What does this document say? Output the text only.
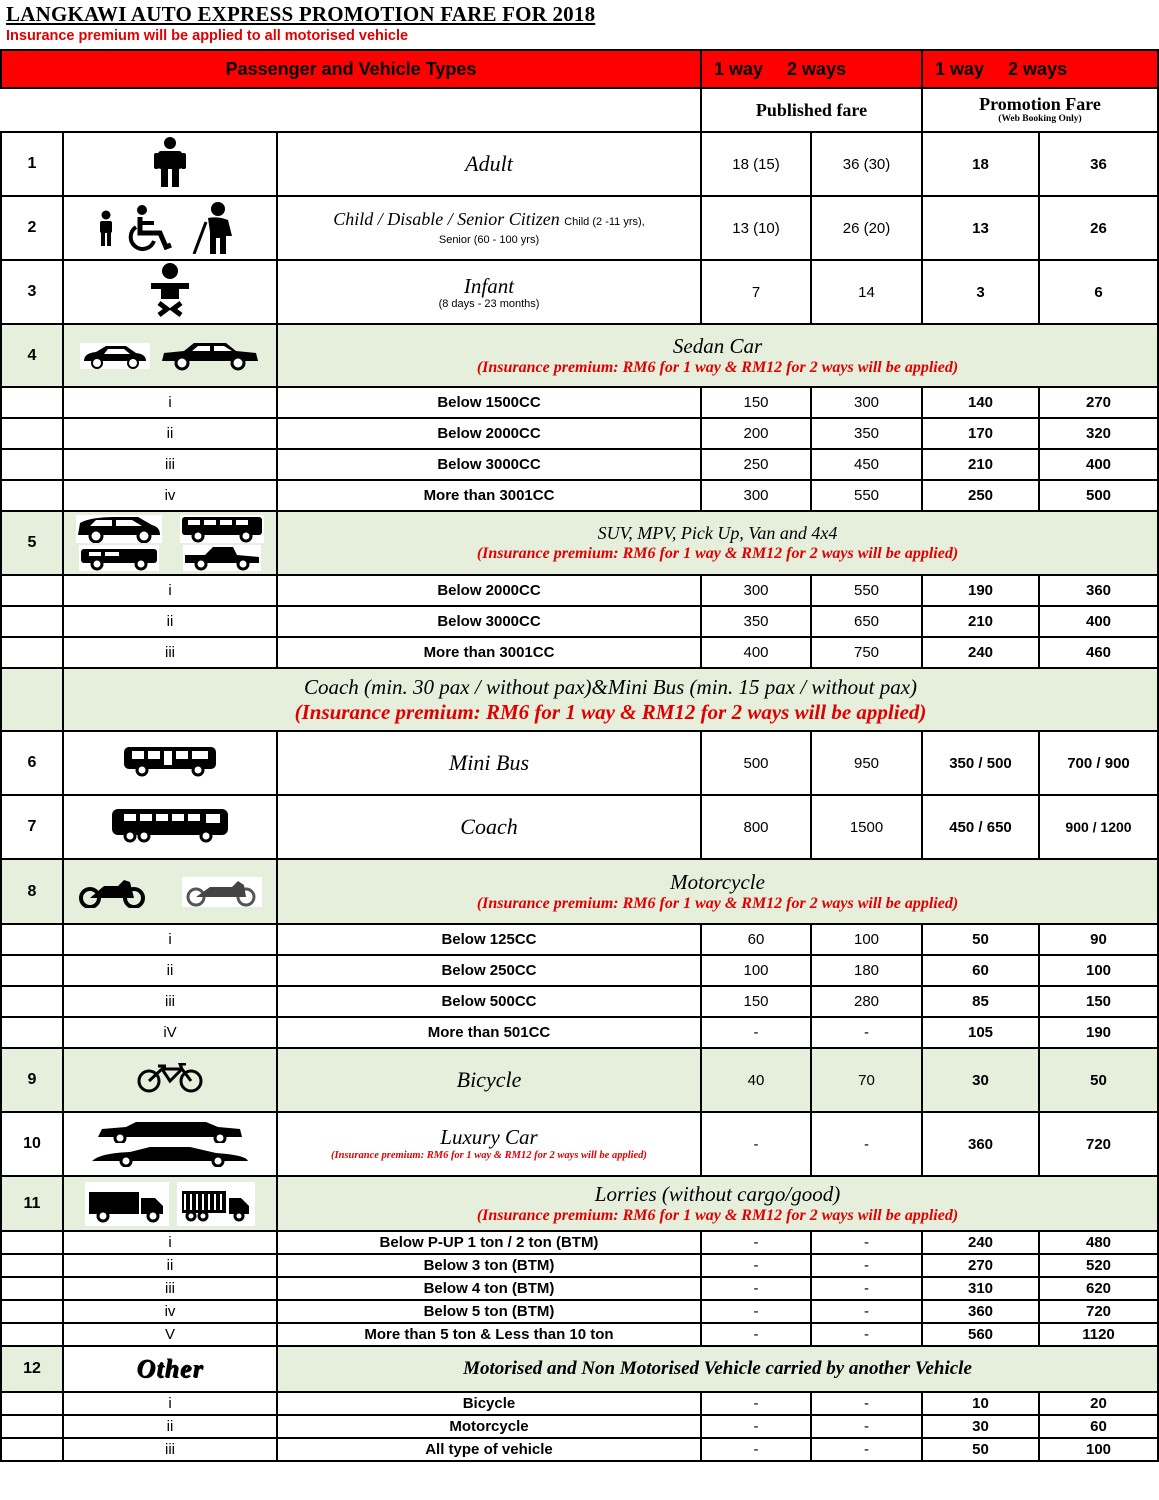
LANGKAWI AUTO EXPRESS PROMOTION FARE FOR 2018
Insurance premium will be applied to all motorised vehicle
Passenger and Vehicle Types			1 way 2 ways		1 way 2 ways	
			Published fare		Promotion Fare
(Web Booking Only)	

1		Adult	18 (15)	36 (30)	18	36
2		Child / Disable / Senior Citizen Child (2 -11 yrs),
Senior (60 - 100 yrs)	13 (10)	26 (20)	13	26
3		Infant
(8 days - 23 months)	7	14	3	6
4		Sedan Car
(Insurance premium: RM6 for 1 way & RM12 for 2 ways will be applied)				

	i	Below 1500CC	150	300	140	270
	ii	Below 2000CC	200	350	170	320
	iii	Below 3000CC	250	450	210	400
	iv	More than 3001CC	300	550	250	500
5		SUV, MPV, Pick Up, Van and 4x4
(Insurance premium: RM6 for 1 way & RM12 for 2 ways will be applied)				

	i	Below 2000CC	300	550	190	360
	ii	Below 3000CC	350	650	210	400
	iii	More than 3001CC	400	750	240	460

	Coach (min. 30 pax / without pax)&Mini Bus (min. 15 pax / without pax)
(Insurance premium: RM6 for 1 way & RM12 for 2 ways will be applied)					

6		Mini Bus	500	950	350 / 500	700 / 900
7		Coach	800	1500	450 / 650	900 / 1200
8		Motorcycle
(Insurance premium: RM6 for 1 way & RM12 for 2 ways will be applied)				

	i	Below 125CC	60	100	50	90
	ii	Below 250CC	100	180	60	100
	iii	Below 500CC	150	280	85	150
	iV	More than 501CC	-	-	105	190
9		Bicycle	40	70	30	50
10		Luxury Car
(Insurance premium: RM6 for 1 way & RM12 for 2 ways will be applied)	-	-	360	720
11		Lorries (without cargo/good)
(Insurance premium: RM6 for 1 way & RM12 for 2 ways will be applied)				

	i	Below P-UP 1 ton / 2 ton (BTM)	-	-	240	480
	ii	Below 3 ton (BTM)	-	-	270	520
	iii	Below 4 ton (BTM)	-	-	310	620
	iv	Below 5 ton (BTM)	-	-	360	720
	V	More than 5 ton & Less than 10 ton	-	-	560	1120
12	Other	Motorised and Non Motorised Vehicle carried by another Vehicle				
	i	Bicycle	-	-	10	20
	ii	Motorcycle	-	-	30	60
	iii	All type of vehicle	-	-	50	100
